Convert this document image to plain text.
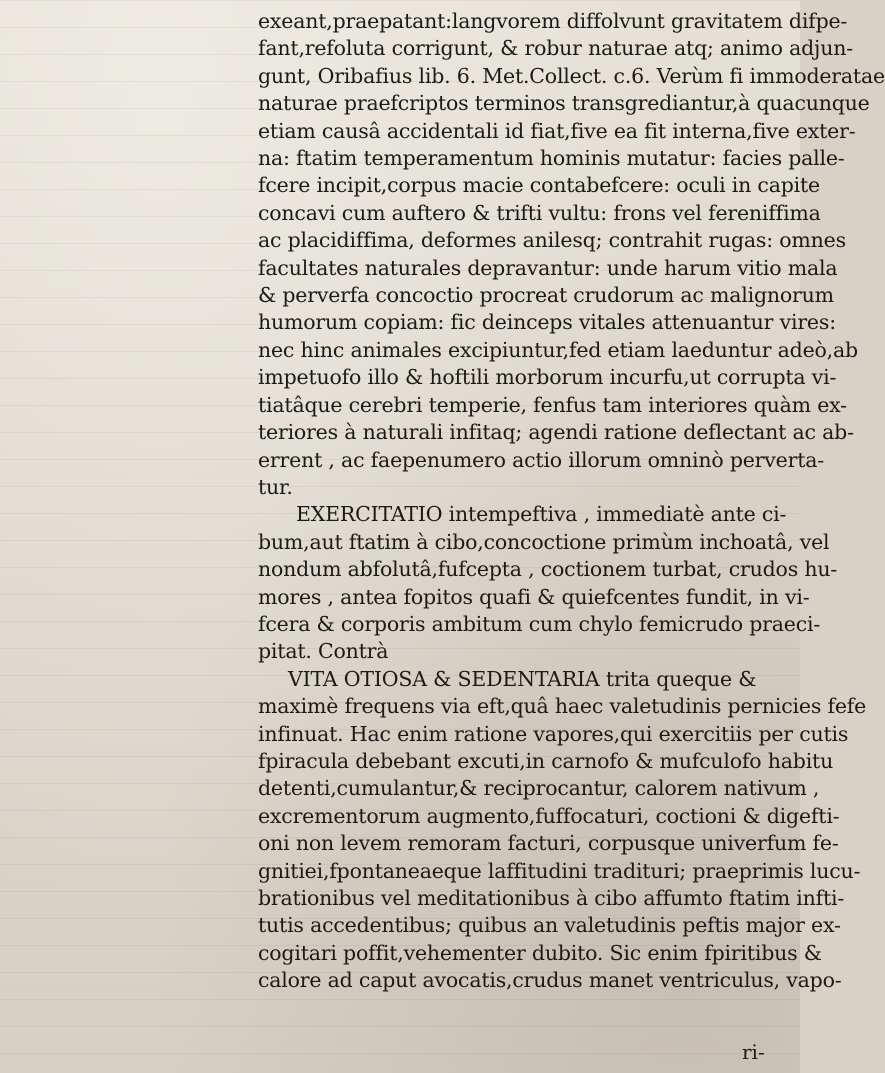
exeant,praepatant:langvorem diffolvunt gravitatem difpe-
fant,refoluta corrigunt, & robur naturae atq; animo adjun-
gunt, Oribafius lib. 6. Met.Collect. c.6. Verùm fi immoderatae
naturae praefcriptos terminos transgrediantur,à quacunque
etiam causâ accidentali id fiat,five ea fit interna,five exter-
na: ftatim temperamentum hominis mutatur: facies palle-
fcere incipit,corpus macie contabefcere: oculi in capite
concavi cum auftero & trifti vultu: frons vel fereniffima
ac placidiffima, deformes anilesq; contrahit rugas: omnes
facultates naturales depravantur: unde harum vitio mala
& perverfa concoctio procreat crudorum ac malignorum
humorum copiam: fic deinceps vitales attenuantur vires:
nec hinc animales excipiuntur,fed etiam laeduntur adeò,ab
impetuofo illo & hoftili morborum incurfu,ut corrupta vi-
tiatâque cerebri temperie, fenfus tam interiores quàm ex-
teriores à naturali infitaq; agendi ratione deflectant ac ab-
errent , ac faepenumero actio illorum omninò perverta-
tur.
EXERCITATIO intempeftiva , immediatè ante ci-
bum,aut ftatim à cibo,concoctione primùm inchoatâ, vel
nondum abfolutâ,fufcepta , coctionem turbat, crudos hu-
mores , antea fopitos quafi & quiefcentes fundit, in vi-
fcera & corporis ambitum cum chylo femicrudo praeci-
pitat. Contrà
VITA OTIOSA & SEDENTARIA trita queque &
maximè frequens via eft,quâ haec valetudinis pernicies fefe
infinuat. Hac enim ratione vapores,qui exercitiis per cutis
fpiracula debebant excuti,in carnofo & mufculofo habitu
detenti,cumulantur,& reciprocantur, calorem nativum ,
excrementorum augmento,fuffocaturi, coctioni & digefti-
oni non levem remoram facturi, corpusque univerfum fe-
gnitiei,fpontaneaeque laffitudini tradituri; praeprimis lucu-
brationibus vel meditationibus à cibo affumto ftatim infti-
tutis accedentibus; quibus an valetudinis peftis major ex-
cogitari poffit,vehementer dubito. Sic enim fpiritibus &
calore ad caput avocatis,crudus manet ventriculus, vapo-
ri-
